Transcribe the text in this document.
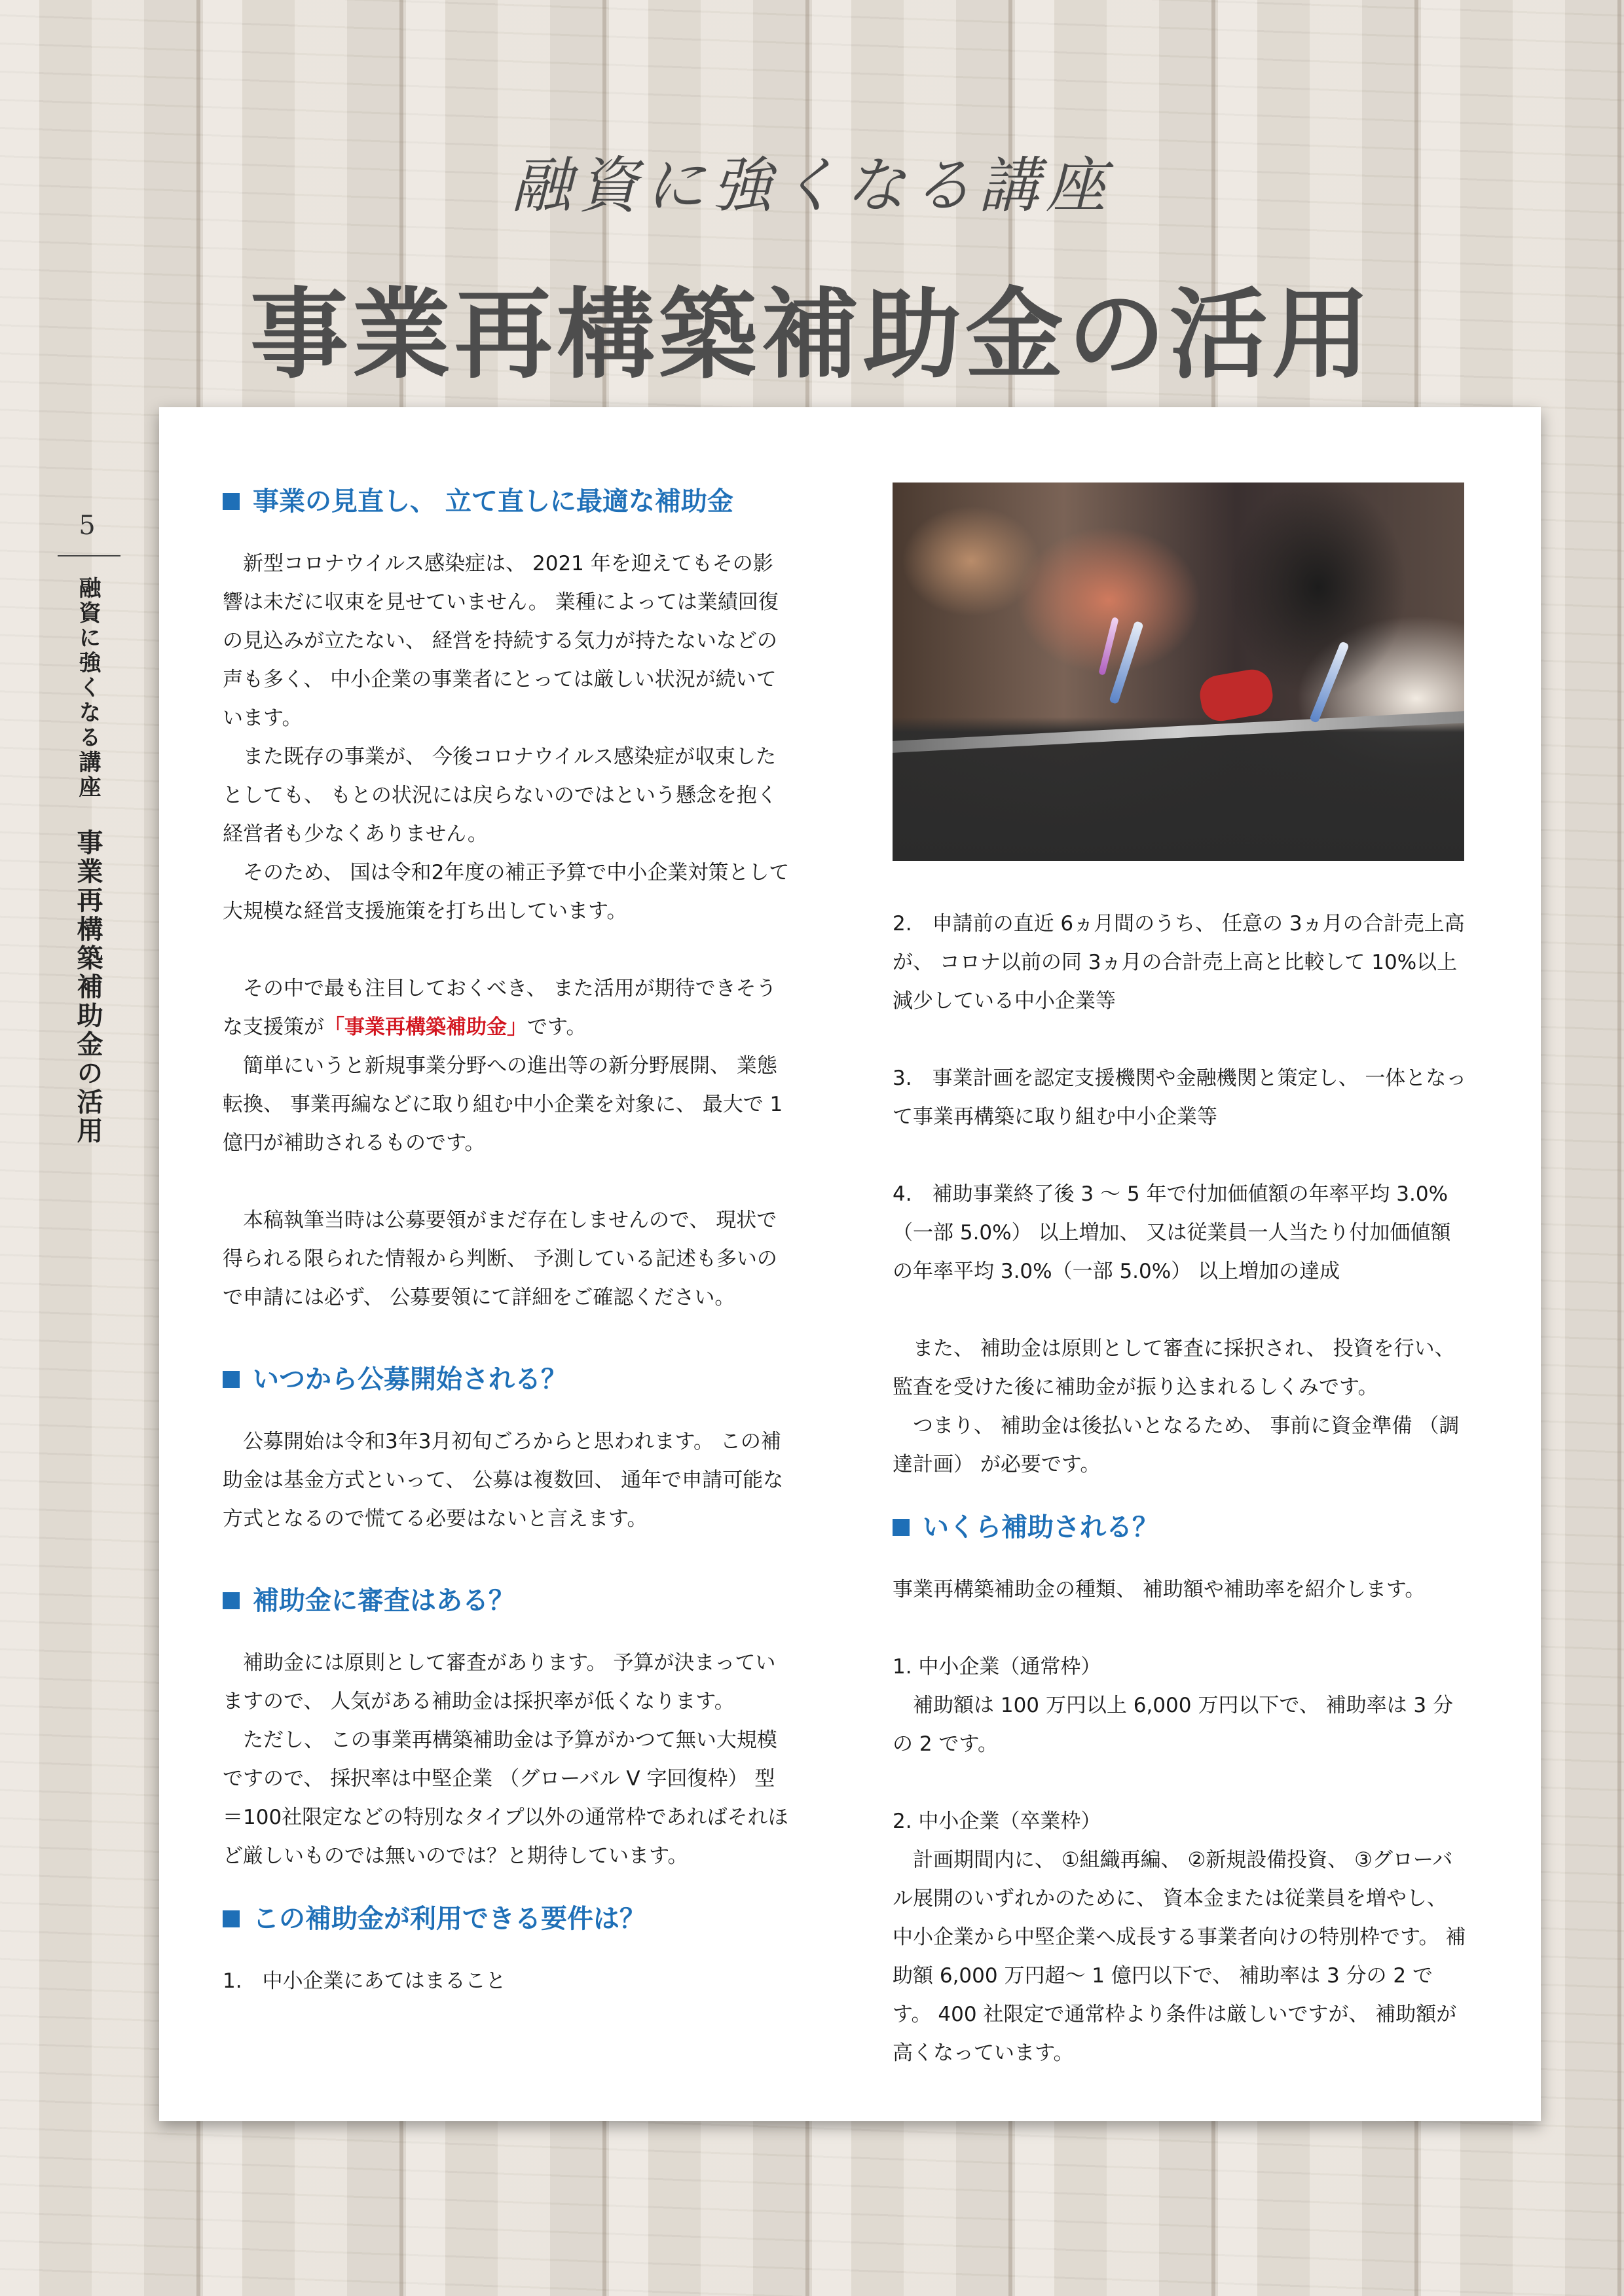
融資に強くなる講座
事業再構築補助金の活用
5
融資に強くなる講座 事業再構築補助金の活用
事業の見直し、 立て直しに最適な補助金

新型コロナウイルス感染症は、 2021 年を迎えてもその影響は未だに収束を見せていません。 業種によっては業績回復の見込みが立たない、 経営を持続する気力が持たないなどの声も多く、 中小企業の事業者にとっては厳しい状況が続いています。

また既存の事業が、 今後コロナウイルス感染症が収束したとしても、 もとの状況には戻らないのではという懸念を抱く経営者も少なくありません。

そのため、 国は令和2年度の補正予算で中小企業対策として大規模な経営支援施策を打ち出しています。

その中で最も注目しておくべき、 また活用が期待できそうな支援策が「事業再構築補助金」です。

簡単にいうと新規事業分野への進出等の新分野展開、 業態転換、 事業再編などに取り組む中小企業を対象に、 最大で 1 億円が補助されるものです。

本稿執筆当時は公募要領がまだ存在しませんので、 現状で得られる限られた情報から判断、 予測している記述も多いので申請には必ず、 公募要領にて詳細をご確認ください。

いつから公募開始される？

公募開始は令和3年3月初旬ごろからと思われます。 この補助金は基金方式といって、 公募は複数回、 通年で申請可能な方式となるので慌てる必要はないと言えます。

補助金に審査はある？

補助金には原則として審査があります。 予算が決まっていますので、 人気がある補助金は採択率が低くなります。

ただし、 この事業再構築補助金は予算がかつて無い大規模ですので、 採択率は中堅企業 （グローバル V 字回復枠） 型＝100社限定などの特別なタイプ以外の通常枠であればそれほど厳しいものでは無いのでは？と期待しています。

この補助金が利用できる要件は？

1.　中小企業にあてはまること

2.　申請前の直近 6ヵ月間のうち、 任意の 3ヵ月の合計売上高が、 コロナ以前の同 3ヵ月の合計売上高と比較して 10%以上減少している中小企業等

3.　事業計画を認定支援機関や金融機関と策定し、 一体となって事業再構築に取り組む中小企業等

4.　補助事業終了後 3 ～ 5 年で付加価値額の年率平均 3.0%（一部 5.0%） 以上増加、 又は従業員一人当たり付加価値額の年率平均 3.0%（一部 5.0%） 以上増加の達成

また、 補助金は原則として審査に採択され、 投資を行い、 監査を受けた後に補助金が振り込まれるしくみです。

つまり、 補助金は後払いとなるため、 事前に資金準備 （調達計画） が必要です。

いくら補助される？

事業再構築補助金の種類、 補助額や補助率を紹介します。

1. 中小企業（通常枠）

補助額は 100 万円以上 6,000 万円以下で、 補助率は 3 分の 2 です。

2. 中小企業（卒業枠）

計画期間内に、 ①組織再編、 ②新規設備投資、 ③グローバル展開のいずれかのために、 資本金または従業員を増やし、 中小企業から中堅企業へ成長する事業者向けの特別枠です。 補助額 6,000 万円超～ 1 億円以下で、 補助率は 3 分の 2 です。 400 社限定で通常枠より条件は厳しいですが、 補助額が高くなっています。
